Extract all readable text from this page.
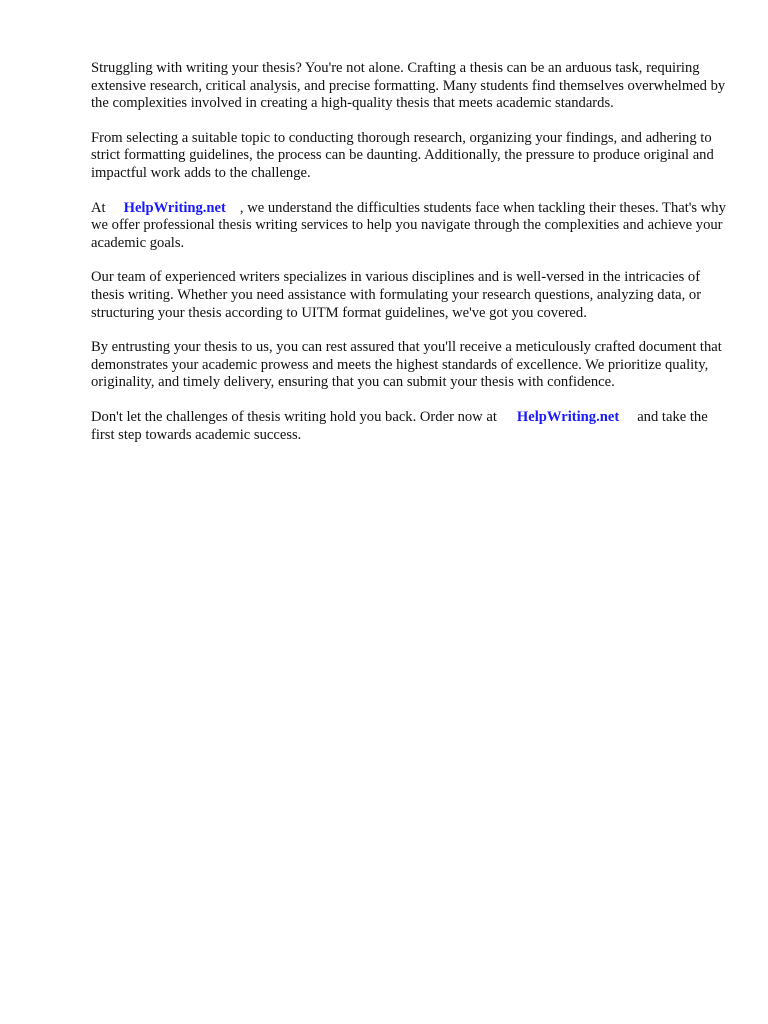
Struggling with writing your thesis? You're not alone. Crafting a thesis can be an arduous task, requiring extensive research, critical analysis, and precise formatting. Many students find themselves overwhelmed by the complexities involved in creating a high-quality thesis that meets academic standards.

From selecting a suitable topic to conducting thorough research, organizing your findings, and adhering to strict formatting guidelines, the process can be daunting. Additionally, the pressure to produce original and impactful work adds to the challenge.

At HelpWriting.net , we understand the difficulties students face when tackling their theses. That's why we offer professional thesis writing services to help you navigate through the complexities and achieve your academic goals.

Our team of experienced writers specializes in various disciplines and is well-versed in the intricacies of thesis writing. Whether you need assistance with formulating your research questions, analyzing data, or structuring your thesis according to UITM format guidelines, we've got you covered.

By entrusting your thesis to us, you can rest assured that you'll receive a meticulously crafted document that demonstrates your academic prowess and meets the highest standards of excellence. We prioritize quality, originality, and timely delivery, ensuring that you can submit your thesis with confidence.

Don't let the challenges of thesis writing hold you back. Order now at HelpWriting.net and take the first step towards academic success.
